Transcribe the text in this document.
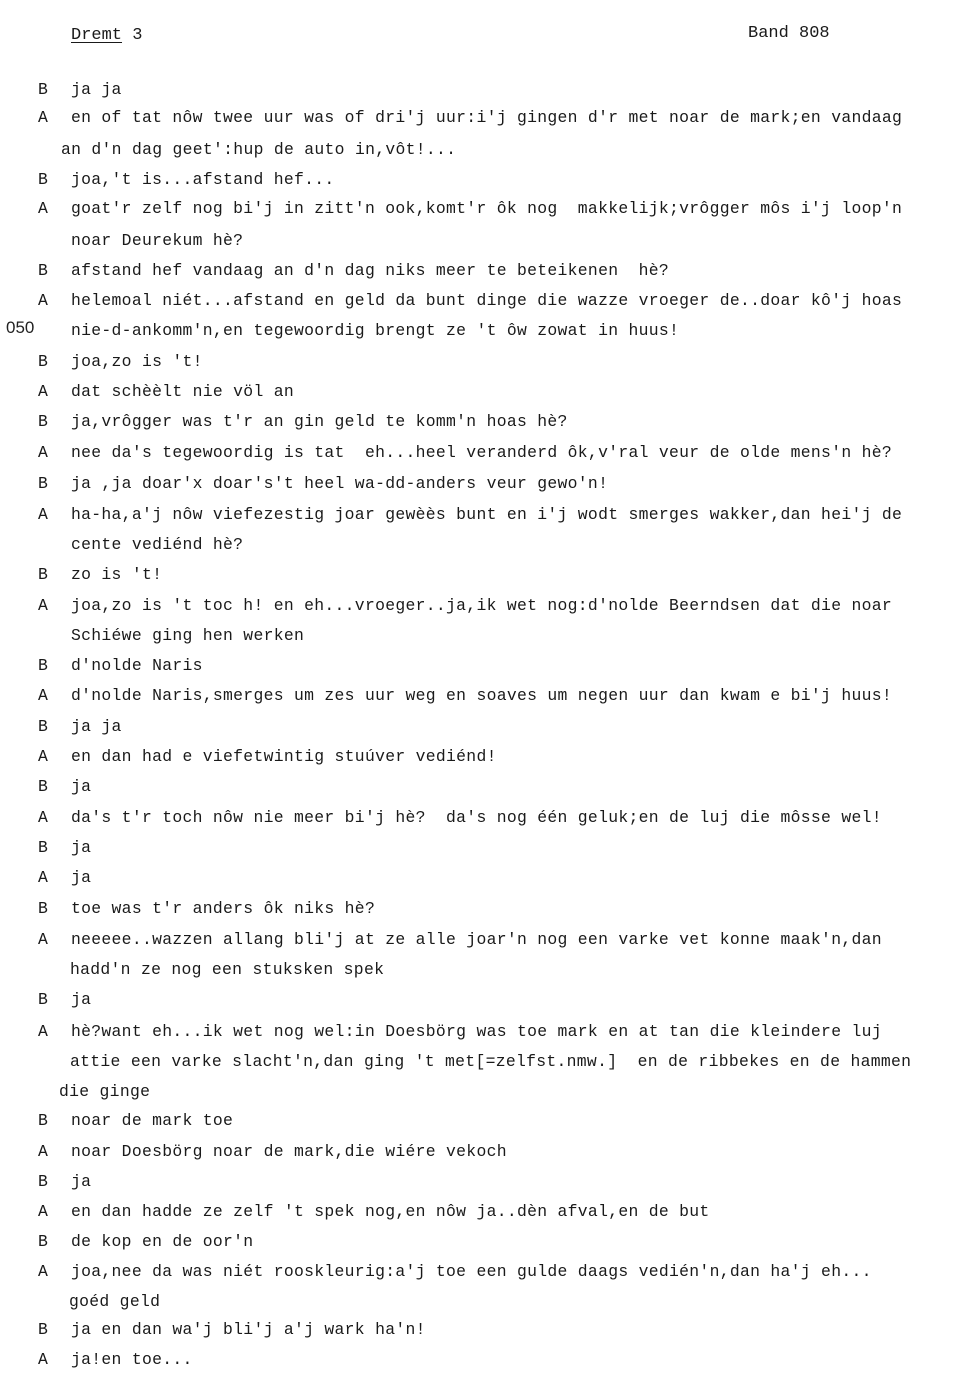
Dremt 3	Band 808
050
B ja ja
A en of tat nôw twee uur was of dri'j uur:i'j gingen d'r met noar de mark;en vandaag
an d'n dag geet':hup de auto in,vôt!...
B joa,'t is...afstand hef...
A goat'r zelf nog bi'j in zitt'n ook,komt'r ôk nog  makkelijk;vrôgger môs i'j loop'n
noar Deurekum hè?
B afstand hef vandaag an d'n dag niks meer te beteikenen  hè?
A helemoal niét...afstand en geld da bunt dinge die wazze vroeger de..doar kô'j hoas
nie-d-ankomm'n,en tegewoordig brengt ze 't ôw zowat in huus!
B joa,zo is 't!
A dat schèèlt nie völ an
B ja,vrôgger was t'r an gin geld te komm'n hoas hè?
A nee da's tegewoordig is tat  eh...heel veranderd ôk,v'ral veur de olde mens'n hè?
B ja ,ja doar'x doar's't heel wa-dd-anders veur gewo'n!
A ha-ha,a'j nôw viefezestig joar gewèès bunt en i'j wodt smerges wakker,dan hei'j de
cente vediénd hè?
B zo is 't!
A joa,zo is 't toc h! en eh...vroeger..ja,ik wet nog:d'nolde Beerndsen dat die noar
Schiéwe ging hen werken
B d'nolde Naris
A d'nolde Naris,smerges um zes uur weg en soaves um negen uur dan kwam e bi'j huus!
B ja ja
A en dan had e viefetwintig stuúver vediénd!
B ja
A da's t'r toch nôw nie meer bi'j hè?  da's nog één geluk;en de luj die môsse wel!
B ja
A ja
B toe was t'r anders ôk niks hè?
A neeeee..wazzen allang bli'j at ze alle joar'n nog een varke vet konne maak'n,dan
hadd'n ze nog een stuksken spek
B ja
A hè?want eh...ik wet nog wel:in Doesbörg was toe mark en at tan die kleindere luj
attie een varke slacht'n,dan ging 't met[=zelfst.nmw.]  en de ribbekes en de hammen
die ginge
B noar de mark toe
A noar Doesbörg noar de mark,die wiére vekoch
B ja
A en dan hadde ze zelf 't spek nog,en nôw ja..dèn afval,en de but
B de kop en de oor'n
A joa,nee da was niét rooskleurig:a'j toe een gulde daags vedién'n,dan ha'j eh...
goéd geld
B ja en dan wa'j bli'j a'j wark ha'n!
A ja!en toe...
